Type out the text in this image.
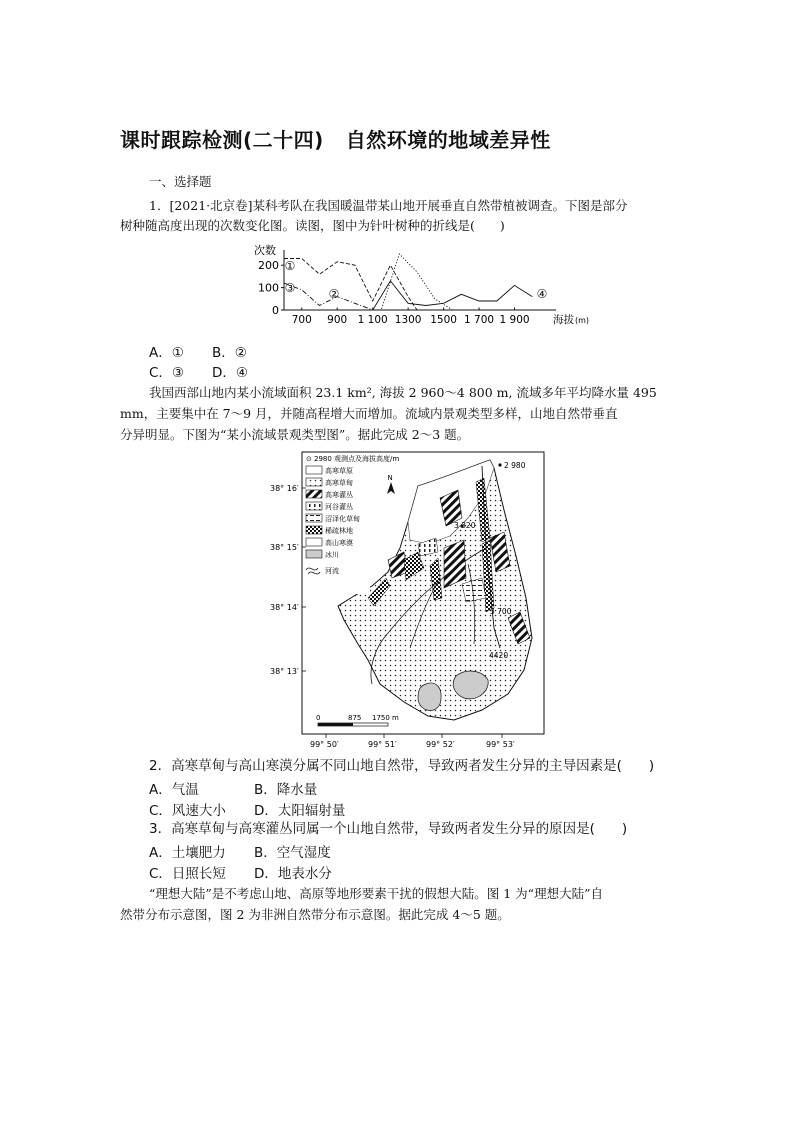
课时跟踪检测(二十四) 自然环境的地域差异性
一、选择题
1．[2021·北京卷]某科考队在我国暖温带某山地开展垂直自然带植被调查。下图是部分
树种随高度出现的次数变化图。读图，图中为针叶树种的折线是(　　)
次数
0
100
200
700 900 1 100 1300 1500 1 700 1 900 海拔 (m)
①
②
③	④
A．① B．②
C．③ D．④
我国西部山地内某小流域面积 23.1 km², 海拔 2 960～4 800 m, 流域多年平均降水量 495
mm，主要集中在 7～9 月，并随高程增大而增加。流域内景观类型多样，山地自然带垂直
分异明显。下图为“某小流域景观类型图”。据此完成 2～3 题。
⊙ 2980 观测点及海拔高度/m
高寒草原
高寒草甸
高寒灌丛
河谷灌丛
沼泽化草甸
稀疏林地
高山寒漠
冰川
河流
N
2 980
3 320
3 700
4420
38° 16′
38° 15′
38° 14′
38° 13′
0	875 1750 m
99° 50′	99° 51′	99° 52′	99° 53′
2．高寒草甸与高山寒漠分属不同山地自然带，导致两者发生分异的主导因素是(　　)
A．气温	B．降水量
C．风速大小 D．太阳辐射量
3．高寒草甸与高寒灌丛同属一个山地自然带，导致两者发生分异的原因是(　　)
A．土壤肥力 B．空气湿度
C．日照长短 D．地表水分
“理想大陆”是不考虑山地、高原等地形要素干扰的假想大陆。图 1 为“理想大陆”自
然带分布示意图，图 2 为非洲自然带分布示意图。据此完成 4～5 题。
